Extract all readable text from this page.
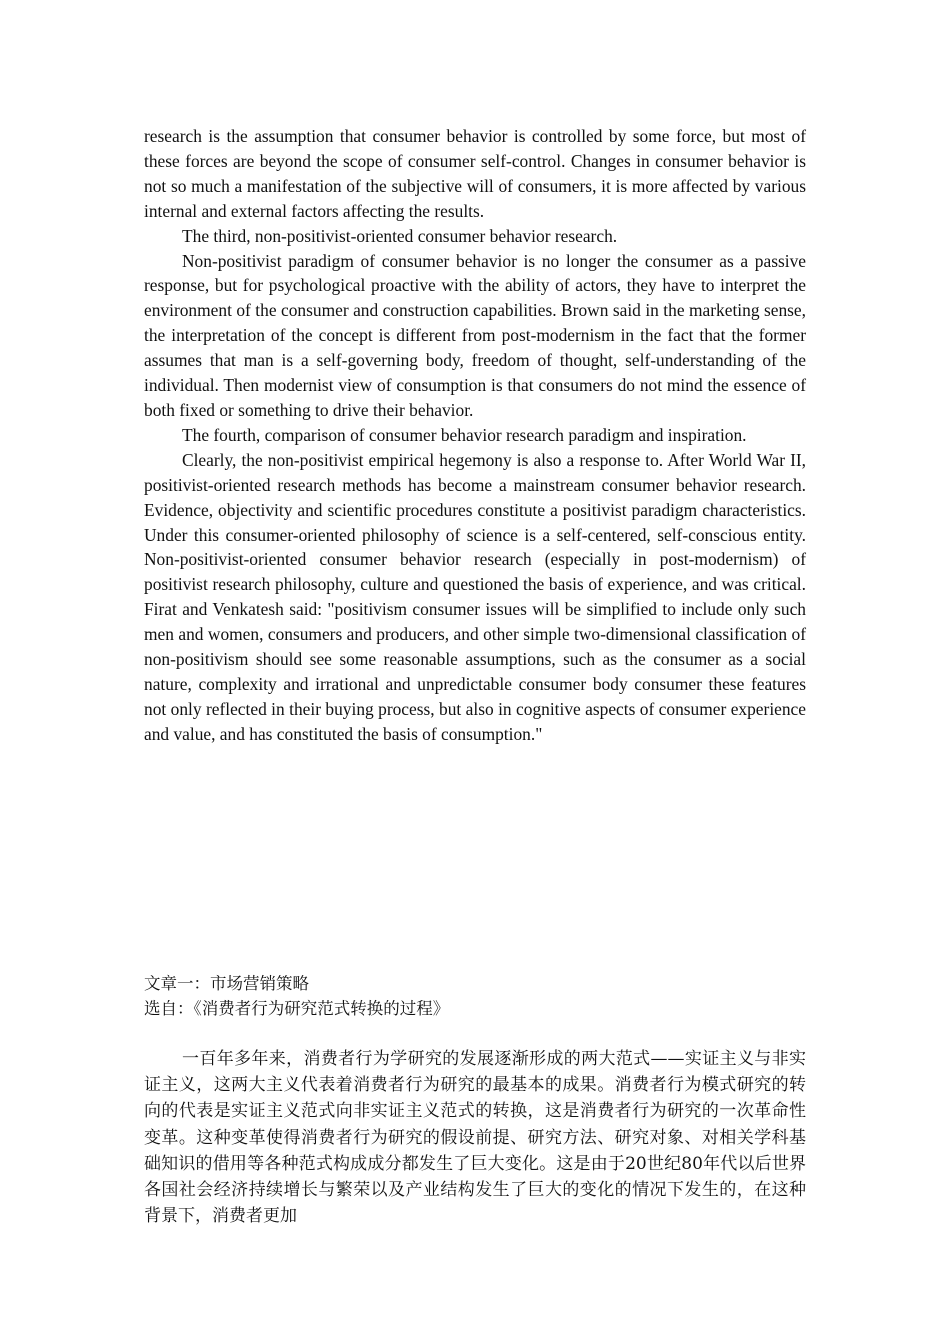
research is the assumption that consumer behavior is controlled by some force, but most of these forces are beyond the scope of consumer self-control. Changes in consumer behavior is not so much a manifestation of the subjective will of consumers, it is more affected by various internal and external factors affecting the results.

The third, non-positivist-oriented consumer behavior research.

Non-positivist paradigm of consumer behavior is no longer the consumer as a passive response, but for psychological proactive with the ability of actors, they have to interpret the environment of the consumer and construction capabilities. Brown said in the marketing sense, the interpretation of the concept is different from post-modernism in the fact that the former assumes that man is a self-governing body, freedom of thought, self-understanding of the individual. Then modernist view of consumption is that consumers do not mind the essence of both fixed or something to drive their behavior.

The fourth, comparison of consumer behavior research paradigm and inspiration.

Clearly, the non-positivist empirical hegemony is also a response to. After World War II, positivist-oriented research methods has become a mainstream consumer behavior research. Evidence, objectivity and scientific procedures constitute a positivist paradigm characteristics. Under this consumer-oriented philosophy of science is a self-centered, self-conscious entity. Non-positivist-oriented consumer behavior research (especially in post-modernism) of positivist research philosophy, culture and questioned the basis of experience, and was critical. Firat and Venkatesh said: "positivism consumer issues will be simplified to include only such men and women, consumers and producers, and other simple two-dimensional classification of non-positivism should see some reasonable assumptions, such as the consumer as a social nature, complexity and irrational and unpredictable consumer body consumer these features not only reflected in their buying process, but also in cognitive aspects of consumer experience and value, and has constituted the basis of consumption."

文章一：市场营销策略

选自：《消费者行为研究范式转换的过程》

一百年多年来，消费者行为学研究的发展逐渐形成的两大范式——实证主义与非实证主义，这两大主义代表着消费者行为研究的最基本的成果。消费者行为模式研究的转向的代表是实证主义范式向非实证主义范式的转换，这是消费者行为研究的一次革命性变革。这种变革使得消费者行为研究的假设前提、研究方法、研究对象、对相关学科基础知识的借用等各种范式构成成分都发生了巨大变化。这是由于20世纪80年代以后世界各国社会经济持续增长与繁荣以及产业结构发生了巨大的变化的情况下发生的，在这种背景下，消费者更加
